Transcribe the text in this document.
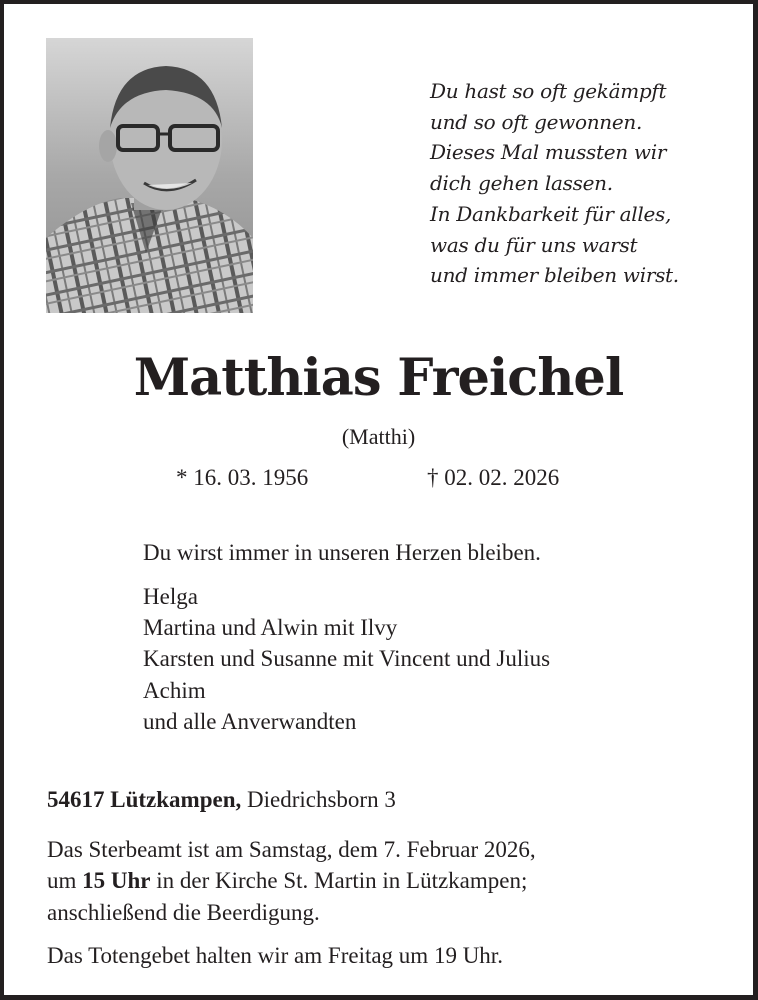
Du hast so oft gekämpft
und so oft gewonnen.
Dieses Mal mussten wir
dich gehen lassen.
In Dankbarkeit für alles,
was du für uns warst
und immer bleiben wirst.
Matthias Freichel
(Matthi)
* 16. 03. 1956	† 02. 02. 2026
Du wirst immer in unseren Herzen bleiben.
Helga
Martina und Alwin mit Ilvy
Karsten und Susanne mit Vincent und Julius
Achim
und alle Anverwandten
54617 Lützkampen, Diedrichsborn 3
Das Sterbeamt ist am Samstag, dem 7. Februar 2026,
um 15 Uhr in der Kirche St. Martin in Lützkampen;
anschließend die Beerdigung.
Das Totengebet halten wir am Freitag um 19 Uhr.
